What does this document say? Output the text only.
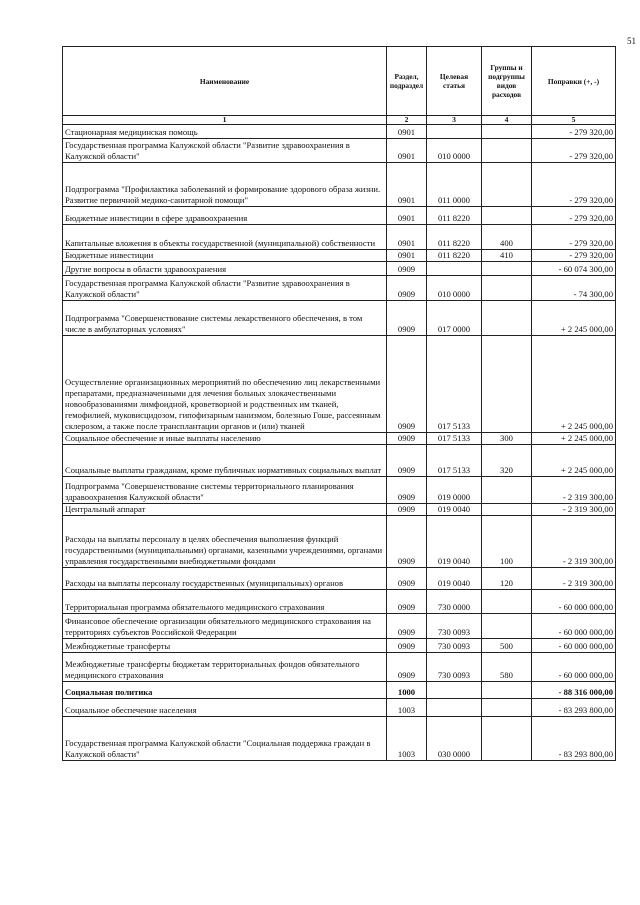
51
Наименование	Раздел, подраздел	Целевая статья	Группы и подгруппы видов расходов	Поправки (+, -)
1	2	3	4	5
Стационарная медицинская помощь	0901			- 279 320,00
Государственная программа Калужской области "Развитие здравоохранения в Калужской области"	0901	010 0000		- 279 320,00
Подпрограмма "Профилактика заболеваний и формирование здорового образа жизни. Развитие первичной медико-санитарной помощи"	0901	011 0000		- 279 320,00
Бюджетные инвестиции в сфере здравоохранения	0901	011 8220		- 279 320,00
Капитальные вложения в объекты государственной (муниципальной) собственности	0901	011 8220	400	- 279 320,00
Бюджетные инвестиции	0901	011 8220	410	- 279 320,00
Другие вопросы в области здравоохранения	0909			- 60 074 300,00
Государственная программа Калужской области "Развитие здравоохранения в Калужской области"	0909	010 0000		- 74 300,00
Подпрограмма "Совершенствование системы лекарственного обеспечения, в том числе в амбулаторных условиях"	0909	017 0000		+ 2 245 000,00
Осуществление организационных мероприятий по обеспечению лиц лекарственными препаратами, предназначенными для лечения больных злокачественными новообразованиями лимфоидной, кроветворной и родственных им тканей, гемофилией, муковисцидозом, гипофизарным нанизмом, болезнью Гоше, рассеянным склерозом, а также после трансплантации органов и (или) тканей	0909	017 5133		+ 2 245 000,00
Социальное обеспечение и иные выплаты населению	0909	017 5133	300	+ 2 245 000,00
Социальные выплаты гражданам, кроме публичных нормативных социальных выплат	0909	017 5133	320	+ 2 245 000,00
Подпрограмма "Совершенствование системы территориального планирования здравоохранения Калужской области"	0909	019 0000		- 2 319 300,00
Центральный аппарат	0909	019 0040		- 2 319 300,00
Расходы на выплаты персоналу в целях обеспечения выполнения функций государственными (муниципальными) органами, казенными учреждениями, органами управления государственными внебюджетными фондами	0909	019 0040	100	- 2 319 300,00
Расходы на выплаты персоналу государственных (муниципальных) органов	0909	019 0040	120	- 2 319 300,00
Территориальная программа обязательного медицинского страхования	0909	730 0000		- 60 000 000,00
Финансовое обеспечение организации обязательного медицинского страхования на территориях субъектов Российской Федерации	0909	730 0093		- 60 000 000,00
Межбюджетные трансферты	0909	730 0093	500	- 60 000 000,00
Межбюджетные трансферты бюджетам территориальных фондов обязательного медицинского страхования	0909	730 0093	580	- 60 000 000,00
Социальная политика	1000			- 88 316 000,00
Социальное обеспечение населения	1003			- 83 293 800,00
Государственная программа Калужской области "Социальная поддержка граждан в Калужской области"	1003	030 0000		- 83 293 800,00
